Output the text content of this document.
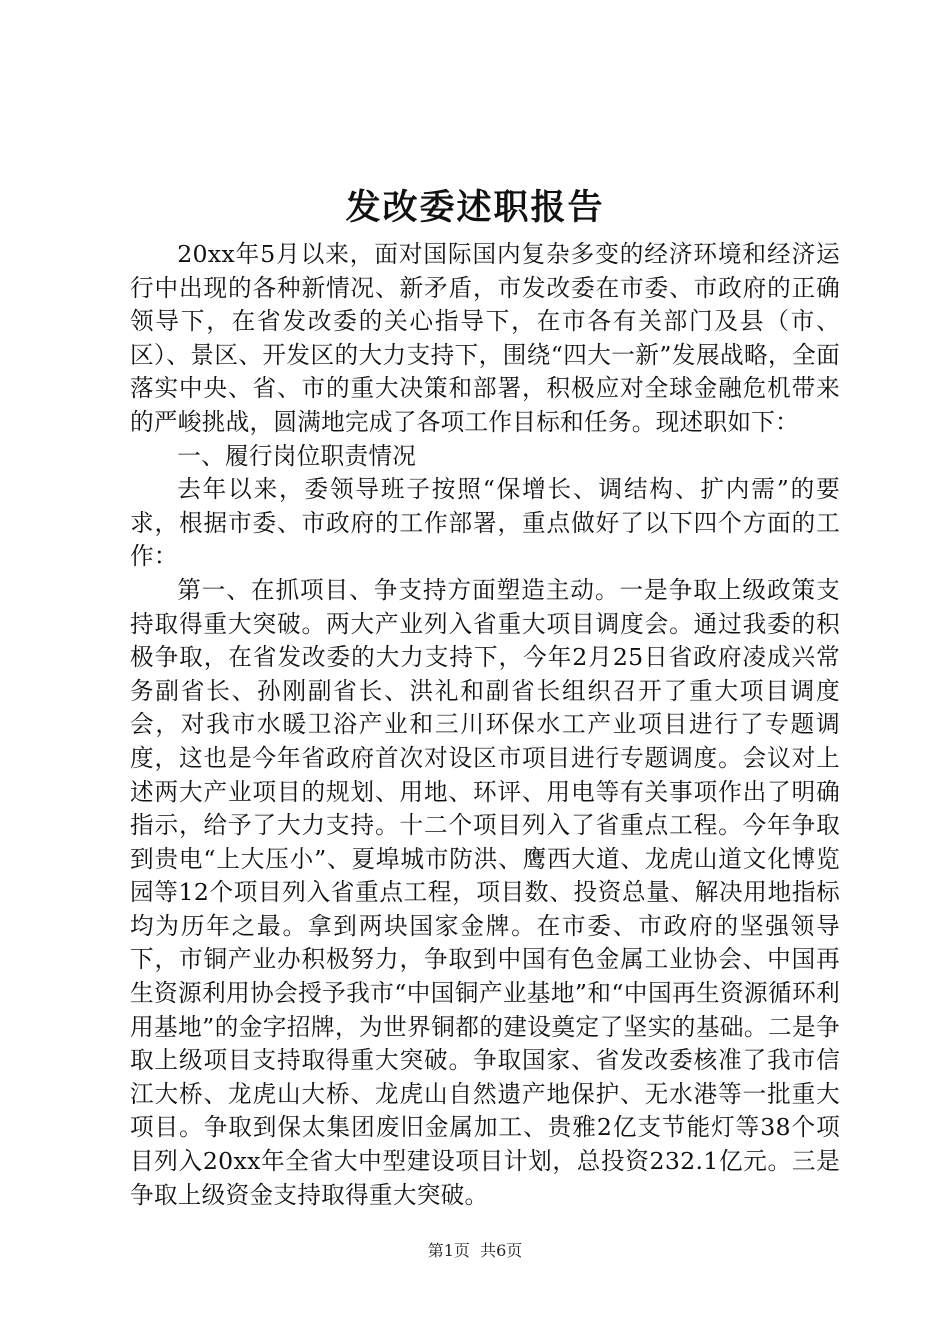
发改委述职报告

20xx年5月以来，面对国际国内复杂多变的经济环境和经济运行中出现的各种新情况、新矛盾，市发改委在市委、市政府的正确领导下，在省发改委的关心指导下，在市各有关部门及县（市、区）、景区、开发区的大力支持下，围绕“四大一新”发展战略，全面落实中央、省、市的重大决策和部署，积极应对全球金融危机带来的严峻挑战，圆满地完成了各项工作目标和任务。现述职如下：

一、履行岗位职责情况

去年以来，委领导班子按照“保增长、调结构、扩内需”的要求，根据市委、市政府的工作部署，重点做好了以下四个方面的工作：

第一、在抓项目、争支持方面塑造主动。一是争取上级政策支持取得重大突破。两大产业列入省重大项目调度会。通过我委的积极争取，在省发改委的大力支持下，今年2月25日省政府凌成兴常务副省长、孙刚副省长、洪礼和副省长组织召开了重大项目调度会，对我市水暖卫浴产业和三川环保水工产业项目进行了专题调度，这也是今年省政府首次对设区市项目进行专题调度。会议对上述两大产业项目的规划、用地、环评、用电等有关事项作出了明确指示，给予了大力支持。十二个项目列入了省重点工程。今年争取到贵电“上大压小”、夏埠城市防洪、鹰西大道、龙虎山道文化博览园等12个项目列入省重点工程，项目数、投资总量、解决用地指标均为历年之最。拿到两块国家金牌。在市委、市政府的坚强领导下，市铜产业办积极努力，争取到中国有色金属工业协会、中国再生资源利用协会授予我市“中国铜产业基地”和“中国再生资源循环利用基地”的金字招牌，为世界铜都的建设奠定了坚实的基础。二是争取上级项目支持取得重大突破。争取国家、省发改委核准了我市信江大桥、龙虎山大桥、龙虎山自然遗产地保护、无水港等一批重大项目。争取到保太集团废旧金属加工、贵雅2亿支节能灯等38个项目列入20xx年全省大中型建设项目计划，总投资232.1亿元。三是争取上级资金支持取得重大突破。

第1页 共6页
